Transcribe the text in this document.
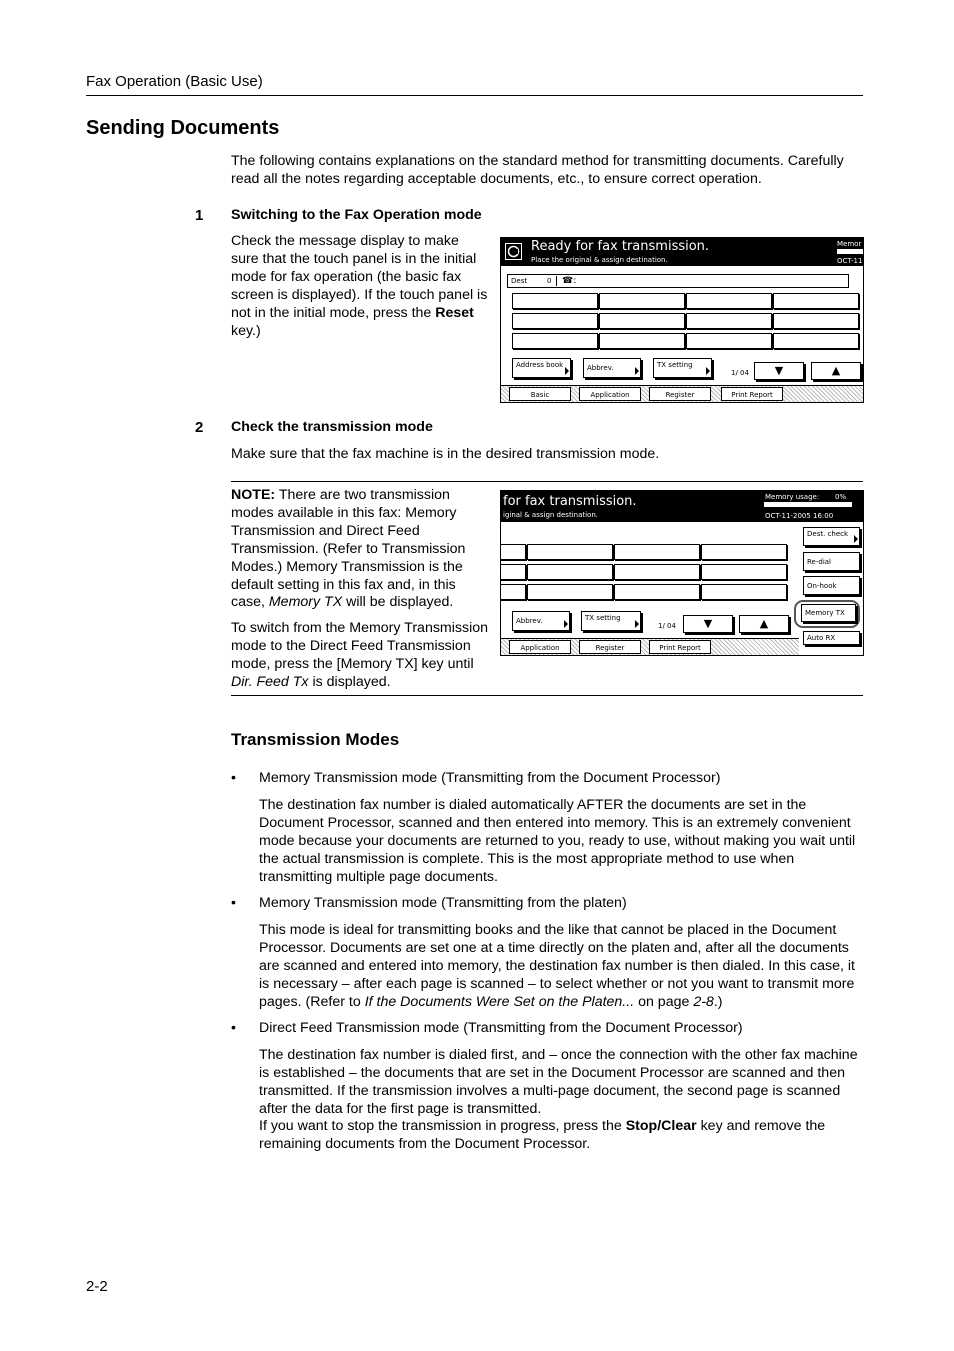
Fax Operation (Basic Use)
Sending Documents

The following contains explanations on the standard method for transmitting documents. Carefully read all the notes regarding acceptable documents, etc., to ensure correct operation.

1 Switching to the Fax Operation mode

Check the message display to make sure that the touch panel is in the initial mode for fax operation (the basic fax screen is displayed). If the touch panel is not in the initial mode, press the Reset key.)

Ready for fax transmission.
Place the original & assign destination.
Memor
OCT-11
Dest	0 ☎:
Address book	Abbrev.	TX setting
1/ 04	▼	▲
Basic	Application	Register	Print Report
2 Check the transmission mode

Make sure that the fax machine is in the desired transmission mode.

NOTE: There are two transmission modes available in this fax: Memory Transmission and Direct Feed Transmission. (Refer to Transmission Modes.) Memory Transmission is the default setting in this fax and, in this case, Memory TX will be displayed.

To switch from the Memory Transmission mode to the Direct Feed Transmission mode, press the [Memory TX] key until Dir. Feed Tx is displayed.

for fax transmission.
iginal & assign destination.
Memory usage: 0%
OCT-11-2005 16:00
Dest. check
Re-dial
On-hook
Memory TX
Auto RX
Abbrev.	TX setting
1/ 04	▼	▲
Application	Register	Print Report
Transmission Modes
• Memory Transmission mode (Transmitting from the Document Processor)

The destination fax number is dialed automatically AFTER the documents are set in the Document Processor, scanned and then entered into memory. This is an extremely convenient mode because your documents are returned to you, ready to use, without making you wait until the actual transmission is complete. This is the most appropriate method to use when transmitting multiple page documents.

• Memory Transmission mode (Transmitting from the platen)

This mode is ideal for transmitting books and the like that cannot be placed in the Document Processor. Documents are set one at a time directly on the platen and, after all the documents are scanned and entered into memory, the destination fax number is then dialed. In this case, it is necessary – after each page is scanned – to select whether or not you want to transmit more pages. (Refer to If the Documents Were Set on the Platen... on page 2-8.)

• Direct Feed Transmission mode (Transmitting from the Document Processor)

The destination fax number is dialed first, and – once the connection with the other fax machine is established – the documents that are set in the Document Processor are scanned and then transmitted. If the transmission involves a multi-page document, the second page is scanned after the data for the first page is transmitted.

If you want to stop the transmission in progress, press the Stop/Clear key and remove the remaining documents from the Document Processor.

2-2
